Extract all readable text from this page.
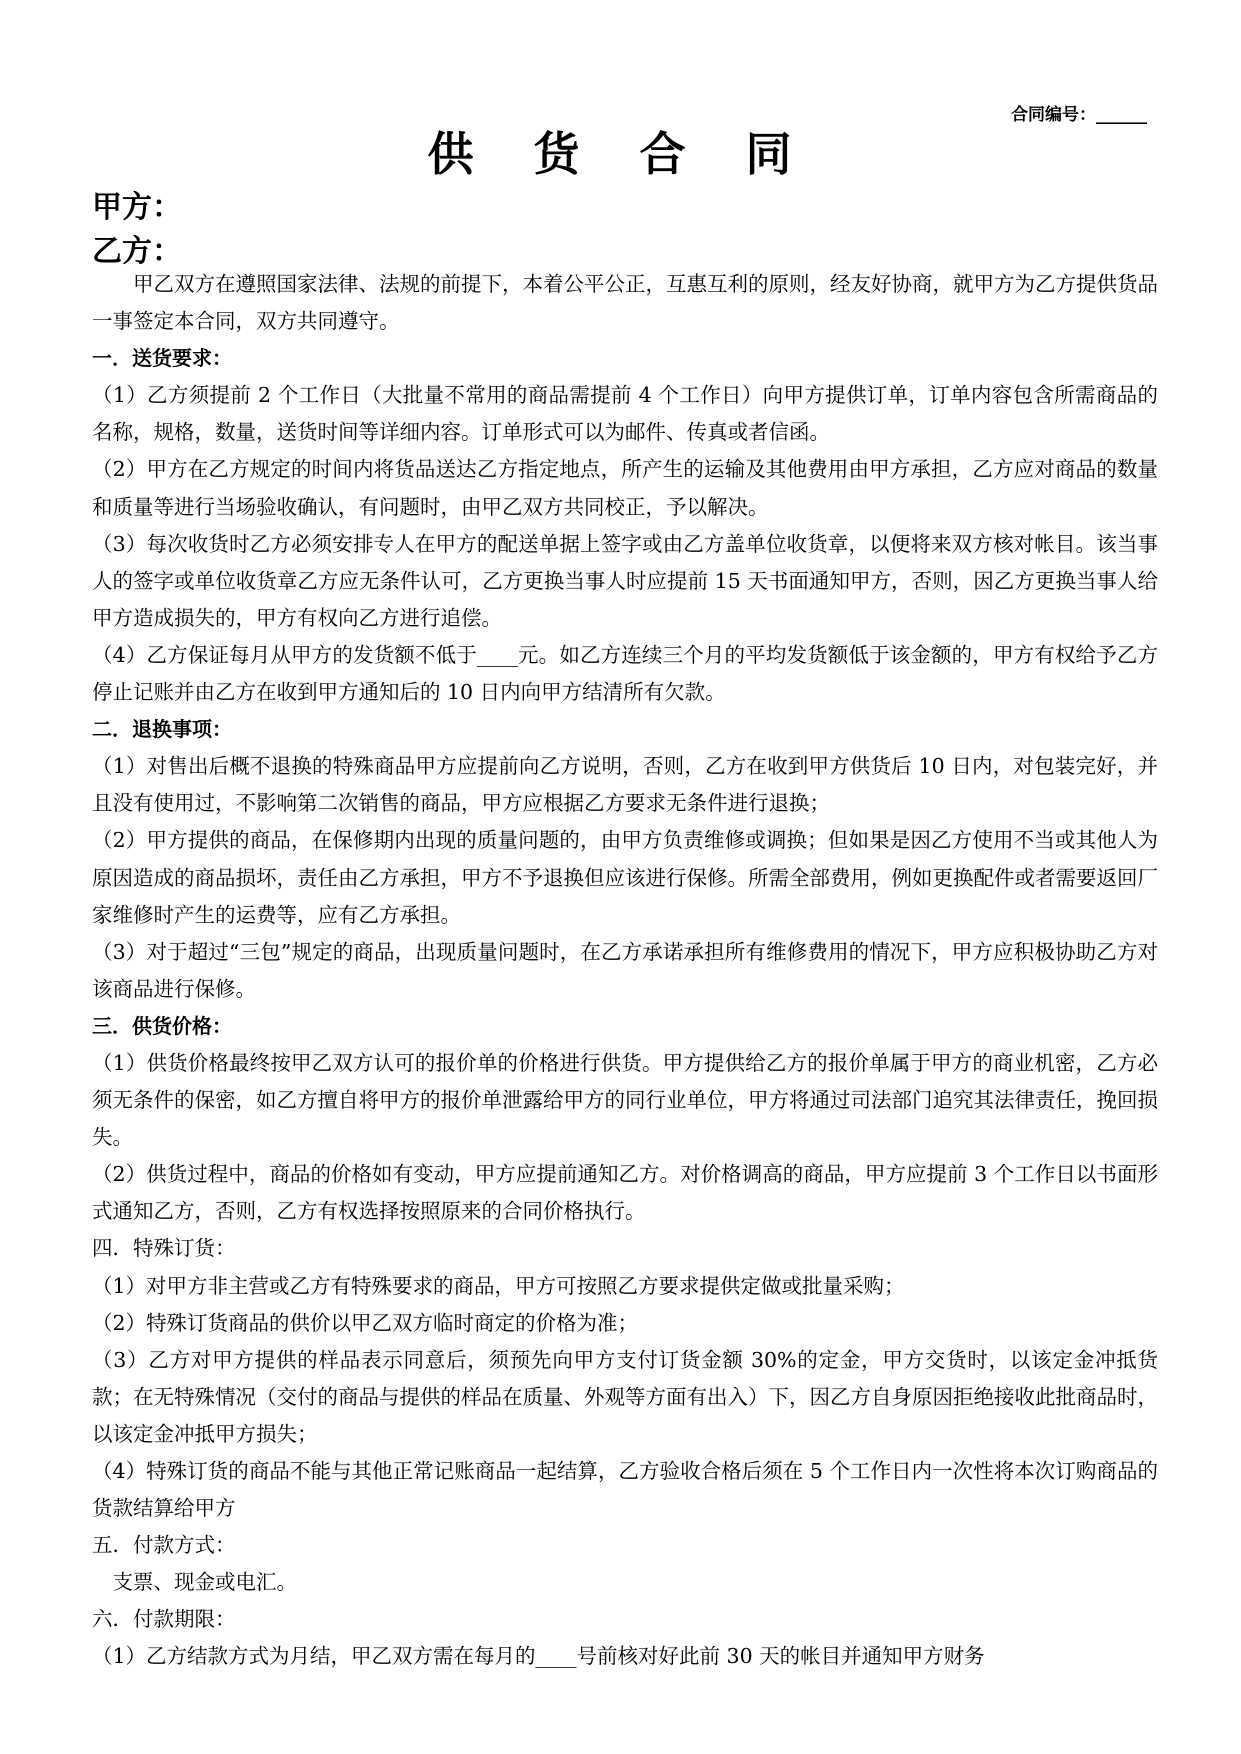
合同编号：______
供 货 合 同
甲方：
乙方：

甲乙双方在遵照国家法律、法规的前提下，本着公平公正，互惠互利的原则，经友好协商，就甲方为乙方提供货品一事签定本合同，双方共同遵守。

一．送货要求：

（1）乙方须提前 2 个工作日（大批量不常用的商品需提前 4 个工作日）向甲方提供订单，订单内容包含所需商品的名称，规格，数量，送货时间等详细内容。订单形式可以为邮件、传真或者信函。

（2）甲方在乙方规定的时间内将货品送达乙方指定地点，所产生的运输及其他费用由甲方承担，乙方应对商品的数量和质量等进行当场验收确认，有问题时，由甲乙双方共同校正，予以解决。

（3）每次收货时乙方必须安排专人在甲方的配送单据上签字或由乙方盖单位收货章，以便将来双方核对帐目。该当事人的签字或单位收货章乙方应无条件认可，乙方更换当事人时应提前 15 天书面通知甲方，否则，因乙方更换当事人给甲方造成损失的，甲方有权向乙方进行追偿。

（4）乙方保证每月从甲方的发货额不低于____元。如乙方连续三个月的平均发货额低于该金额的，甲方有权给予乙方停止记账并由乙方在收到甲方通知后的 10 日内向甲方结清所有欠款。

二．退换事项：

（1）对售出后概不退换的特殊商品甲方应提前向乙方说明，否则，乙方在收到甲方供货后 10 日内，对包装完好，并且没有使用过，不影响第二次销售的商品，甲方应根据乙方要求无条件进行退换；

（2）甲方提供的商品，在保修期内出现的质量问题的，由甲方负责维修或调换；但如果是因乙方使用不当或其他人为原因造成的商品损坏，责任由乙方承担，甲方不予退换但应该进行保修。所需全部费用，例如更换配件或者需要返回厂家维修时产生的运费等，应有乙方承担。

（3）对于超过“三包”规定的商品，出现质量问题时，在乙方承诺承担所有维修费用的情况下，甲方应积极协助乙方对该商品进行保修。

三．供货价格：

（1）供货价格最终按甲乙双方认可的报价单的价格进行供货。甲方提供给乙方的报价单属于甲方的商业机密，乙方必须无条件的保密，如乙方擅自将甲方的报价单泄露给甲方的同行业单位，甲方将通过司法部门追究其法律责任，挽回损失。

（2）供货过程中，商品的价格如有变动，甲方应提前通知乙方。对价格调高的商品，甲方应提前 3 个工作日以书面形式通知乙方，否则，乙方有权选择按照原来的合同价格执行。

四．特殊订货：

（1）对甲方非主营或乙方有特殊要求的商品，甲方可按照乙方要求提供定做或批量采购；

（2）特殊订货商品的供价以甲乙双方临时商定的价格为准；

（3）乙方对甲方提供的样品表示同意后，须预先向甲方支付订货金额 30%的定金，甲方交货时，以该定金冲抵货款；在无特殊情况（交付的商品与提供的样品在质量、外观等方面有出入）下，因乙方自身原因拒绝接收此批商品时，以该定金冲抵甲方损失；

（4）特殊订货的商品不能与其他正常记账商品一起结算，乙方验收合格后须在 5 个工作日内一次性将本次订购商品的货款结算给甲方

五．付款方式：

支票、现金或电汇。

六．付款期限：

（1）乙方结款方式为月结，甲乙双方需在每月的____号前核对好此前 30 天的帐目并通知甲方财务
